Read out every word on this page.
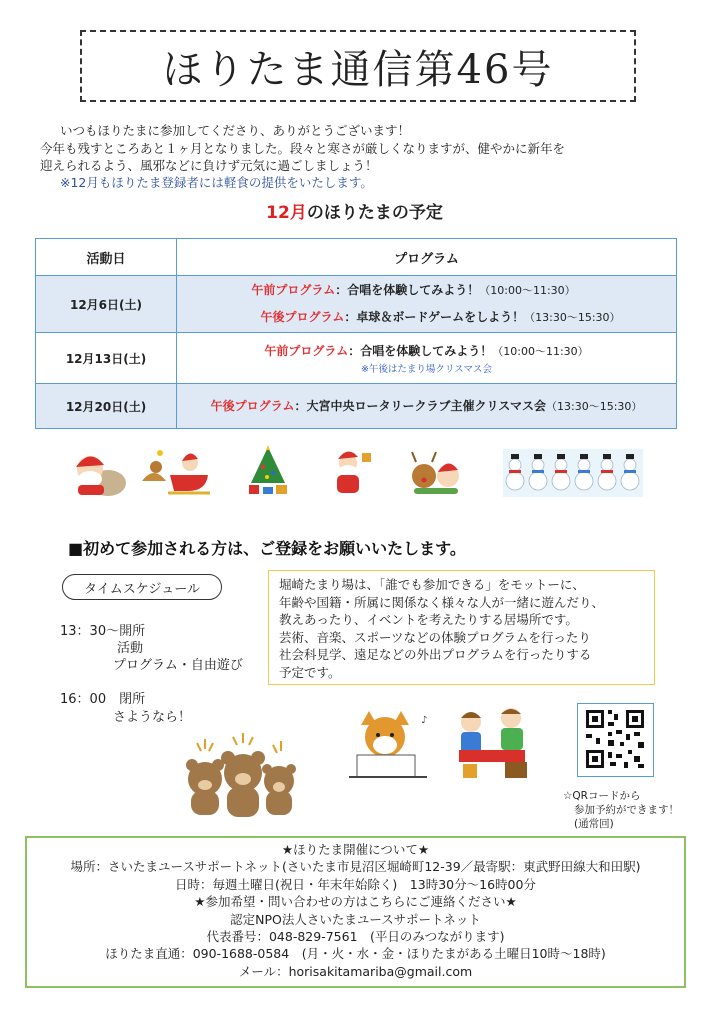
ほりたま通信第46号
いつもほりたまに参加してくださり、ありがとうございます！
今年も残すところあと１ヶ月となりました。段々と寒さが厳しくなりますが、健やかに新年を
迎えられるよう、風邪などに負けず元気に過ごしましょう！
※12月もほりたま登録者には軽食の提供をいたします。
12月のほりたまの予定
活動日	プログラム
12月6日(土)	午前プログラム：合唱を体験してみよう！（10:00～11:30）
午後プログラム：卓球＆ボードゲームをしよう！（13:30～15:30）

12月13日(土)	午前プログラム：合唱を体験してみよう！（10:00～11:30）
※午後はたまり場クリスマス会

12月20日(土)	午後プログラム：大宮中央ロータリークラブ主催クリスマス会（13:30～15:30）
■初めて参加される方は、ご登録をお願いいたします。
タイムスケジュール
13：30～開所
活動
プログラム・自由遊び
16：00　閉所
さようなら！
堀崎たまり場は、「誰でも参加できる」をモットーに、
年齢や国籍・所属に関係なく様々な人が一緒に遊んだり、
教えあったり、イベントを考えたりする居場所です。
芸術、音楽、スポーツなどの体験プログラムを行ったり
社会科見学、遠足などの外出プログラムを行ったりする
予定です。
♪
☆QRコードから
参加予約ができます！
(通常回)
★ほりたま開催について★
場所：さいたまユースサポートネット(さいたま市見沼区堀崎町12-39／最寄駅：東武野田線大和田駅)
日時：毎週土曜日(祝日・年末年始除く)　13時30分～16時00分
★参加希望・問い合わせの方はこちらにご連絡ください★
認定NPO法人さいたまユースサポートネット
代表番号：048-829-7561　(平日のみつながります)
ほりたま直通：090-1688-0584　(月・火・水・金・ほりたまがある土曜日10時～18時)
メール：horisakitamariba@gmail.com
